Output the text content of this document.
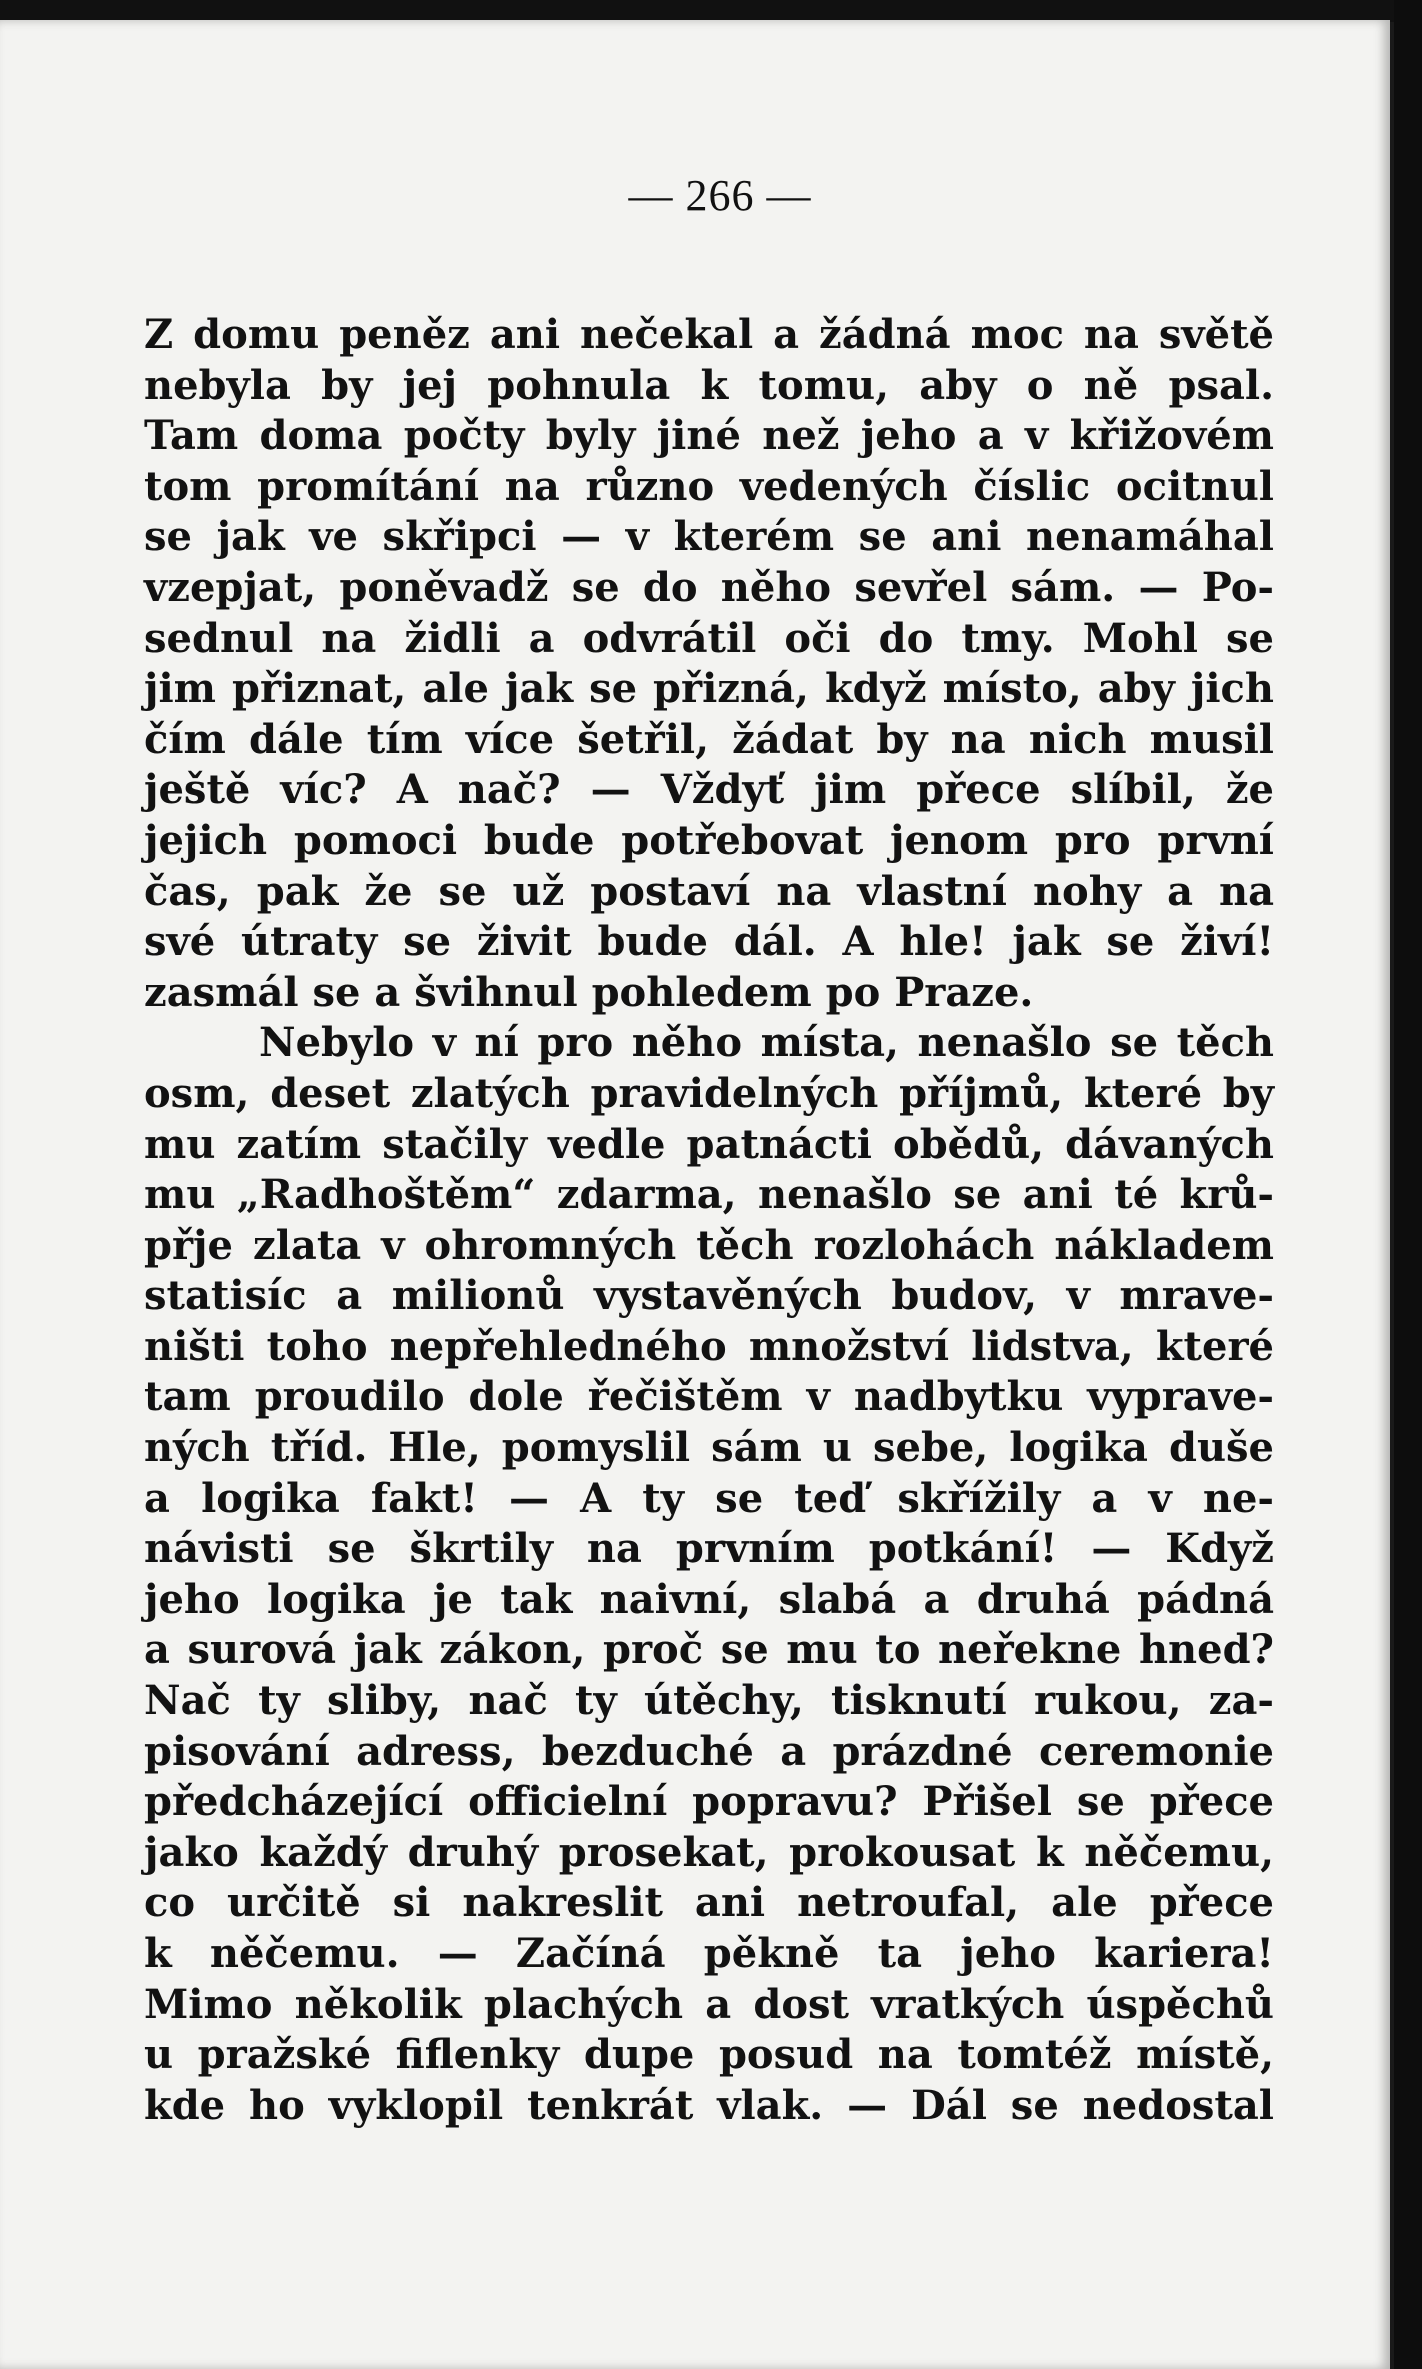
— 266 —
Z domu peněz ani nečekal a žádná moc na světě
nebyla by jej pohnula k tomu, aby o ně psal.
Tam doma počty byly jiné než jeho a v křižovém
tom promítání na různo vedených číslic ocitnul
se jak ve skřipci — v kterém se ani nenamáhal
vzepjat, poněvadž se do něho sevřel sám. — Po-
sednul na židli a odvrátil oči do tmy. Mohl se
jim přiznat, ale jak se přizná, když místo, aby jich
čím dále tím více šetřil, žádat by na nich musil
ještě víc? A nač? — Vždyť jim přece slíbil, že
jejich pomoci bude potřebovat jenom pro první
čas, pak že se už postaví na vlastní nohy a na
své útraty se živit bude dál. A hle! jak se živí!
zasmál se a švihnul pohledem po Praze.
Nebylo v ní pro něho místa, nenašlo se těch
osm, deset zlatých pravidelných příjmů, které by
mu zatím stačily vedle patnácti obědů, dávaných
mu „Radhoštěm“ zdarma, nenašlo se ani té krů-
přje zlata v ohromných těch rozlohách nákladem
statisíc a milionů vystavěných budov, v mrave-
ništi toho nepřehledného množství lidstva, které
tam proudilo dole řečištěm v nadbytku vyprave-
ných tříd. Hle, pomyslil sám u sebe, logika duše
a logika fakt! — A ty se teď skřížily a v ne-
návisti se škrtily na prvním potkání! — Když
jeho logika je tak naivní, slabá a druhá pádná
a surová jak zákon, proč se mu to neřekne hned?
Nač ty sliby, nač ty útěchy, tisknutí rukou, za-
pisování adress, bezduché a prázdné ceremonie
předcházející officielní popravu? Přišel se přece
jako každý druhý prosekat, prokousat k něčemu,
co určitě si nakreslit ani netroufal, ale přece
k něčemu. — Začíná pěkně ta jeho kariera!
Mimo několik plachých a dost vratkých úspěchů
u pražské fiflenky dupe posud na tomtéž místě,
kde ho vyklopil tenkrát vlak. — Dál se nedostal
